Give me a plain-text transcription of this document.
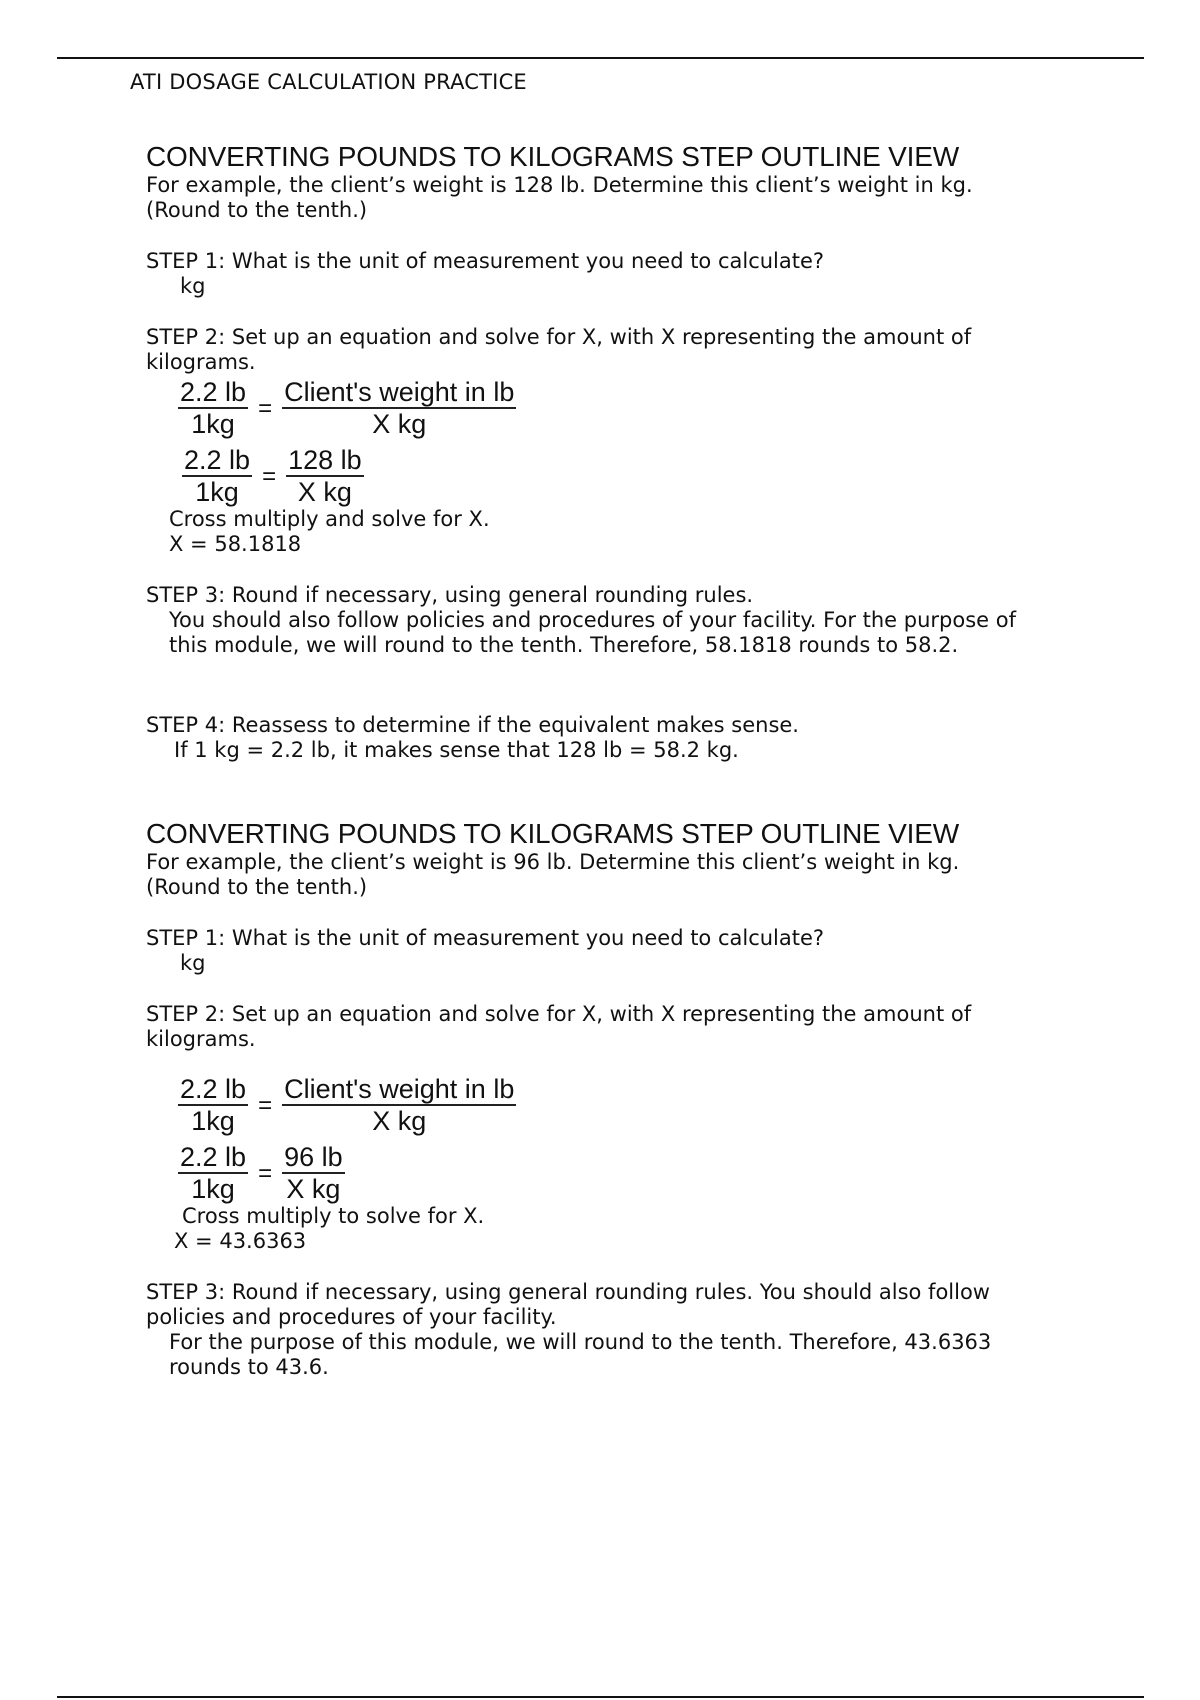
ATI DOSAGE CALCULATION PRACTICE
CONVERTING POUNDS TO KILOGRAMS STEP OUTLINE VIEW

For example, the client’s weight is 128 lb. Determine this client’s weight in kg.

(Round to the tenth.)

STEP 1: What is the unit of measurement you need to calculate?

kg

STEP 2: Set up an equation and solve for X, with X representing the amount of

kilograms.

$\frac{2.2 lb}{1kg} = \frac{\text{Client's weight in lb}}{\text{X kg}}$
$\frac{2.2 lb}{1kg} = \frac{128 lb}{\text{X kg}}$

Cross multiply and solve for X.

X = 58.1818

STEP 3: Round if necessary, using general rounding rules.

You should also follow policies and procedures of your facility. For the purpose of

this module, we will round to the tenth. Therefore, 58.1818 rounds to 58.2.

STEP 4: Reassess to determine if the equivalent makes sense.

If 1 kg = 2.2 lb, it makes sense that 128 lb = 58.2 kg.

CONVERTING POUNDS TO KILOGRAMS STEP OUTLINE VIEW

For example, the client’s weight is 96 lb. Determine this client’s weight in kg.

(Round to the tenth.)

STEP 1: What is the unit of measurement you need to calculate?

kg

STEP 2: Set up an equation and solve for X, with X representing the amount of

kilograms.

$\frac{2.2 lb}{1kg} = \frac{\text{Client's weight in lb}}{\text{X kg}}$
$\frac{2.2 lb}{1kg} = \frac{96 lb}{\text{X kg}}$

Cross multiply to solve for X.

X = 43.6363

STEP 3: Round if necessary, using general rounding rules. You should also follow

policies and procedures of your facility.

For the purpose of this module, we will round to the tenth. Therefore, 43.6363

rounds to 43.6.
